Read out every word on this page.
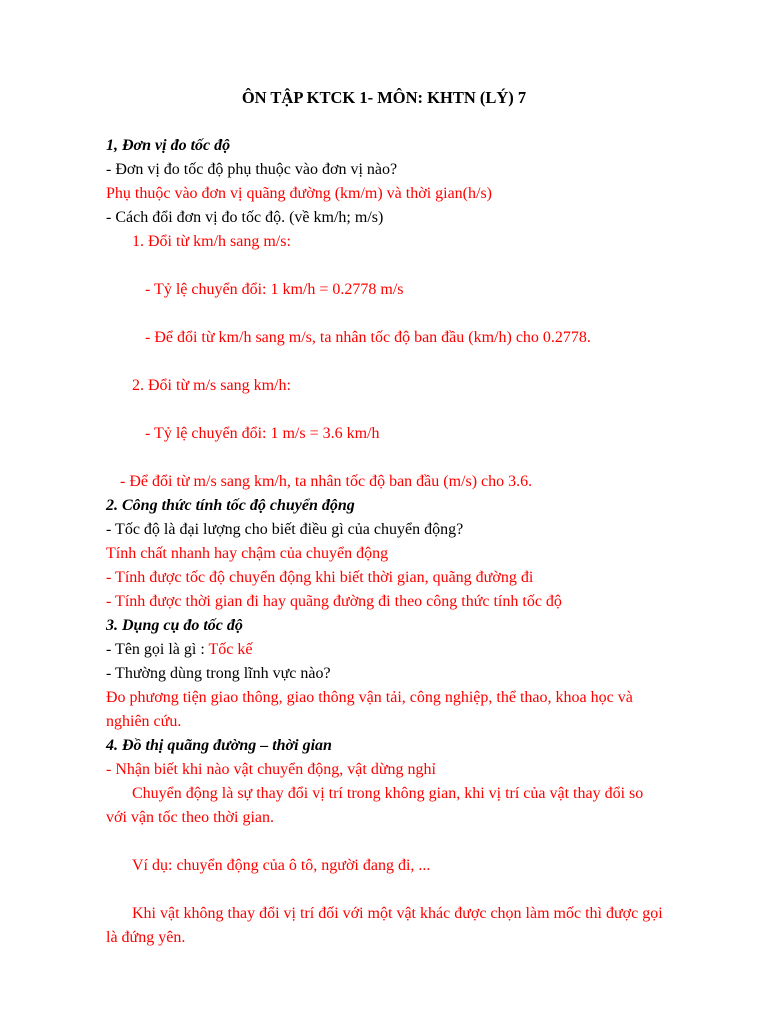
ÔN TẬP KTCK 1- MÔN: KHTN (LÝ) 7
1, Đơn vị đo tốc độ
- Đơn vị đo tốc độ phụ thuộc vào đơn vị nào?
Phụ thuộc vào đơn vị quãng đường (km/m) và thời gian(h/s)
- Cách đổi đơn vị đo tốc độ. (về km/h; m/s)
1. Đổi từ km/h sang m/s:
- Tỷ lệ chuyển đổi: 1 km/h = 0.2778 m/s
- Để đổi từ km/h sang m/s, ta nhân tốc độ ban đầu (km/h) cho 0.2778.
2. Đổi từ m/s sang km/h:
- Tỷ lệ chuyển đổi: 1 m/s = 3.6 km/h
- Để đổi từ m/s sang km/h, ta nhân tốc độ ban đầu (m/s) cho 3.6.
2. Công thức tính tốc độ chuyển động
- Tốc độ là đại lượng cho biết điều gì của chuyển động?
Tính chất nhanh hay chậm của chuyển động
- Tính được tốc độ chuyển động khi biết thời gian, quãng đường đi
- Tính được thời gian đi hay quãng đường đi theo công thức tính tốc độ
3. Dụng cụ đo tốc độ
- Tên gọi là gì : Tốc kế
- Thường dùng trong lĩnh vực nào?
Đo phương tiện giao thông, giao thông vận tải, công nghiệp, thể thao, khoa học và
nghiên cứu.
4. Đồ thị quãng đường – thời gian
- Nhận biết khi nào vật chuyển động, vật dừng nghỉ
Chuyển động là sự thay đổi vị trí trong không gian, khi vị trí của vật thay đổi so
với vận tốc theo thời gian.
Ví dụ: chuyển động của ô tô, người đang đi, ...
Khi vật không thay đổi vị trí đối với một vật khác được chọn làm mốc thì được gọi
là đứng yên.
